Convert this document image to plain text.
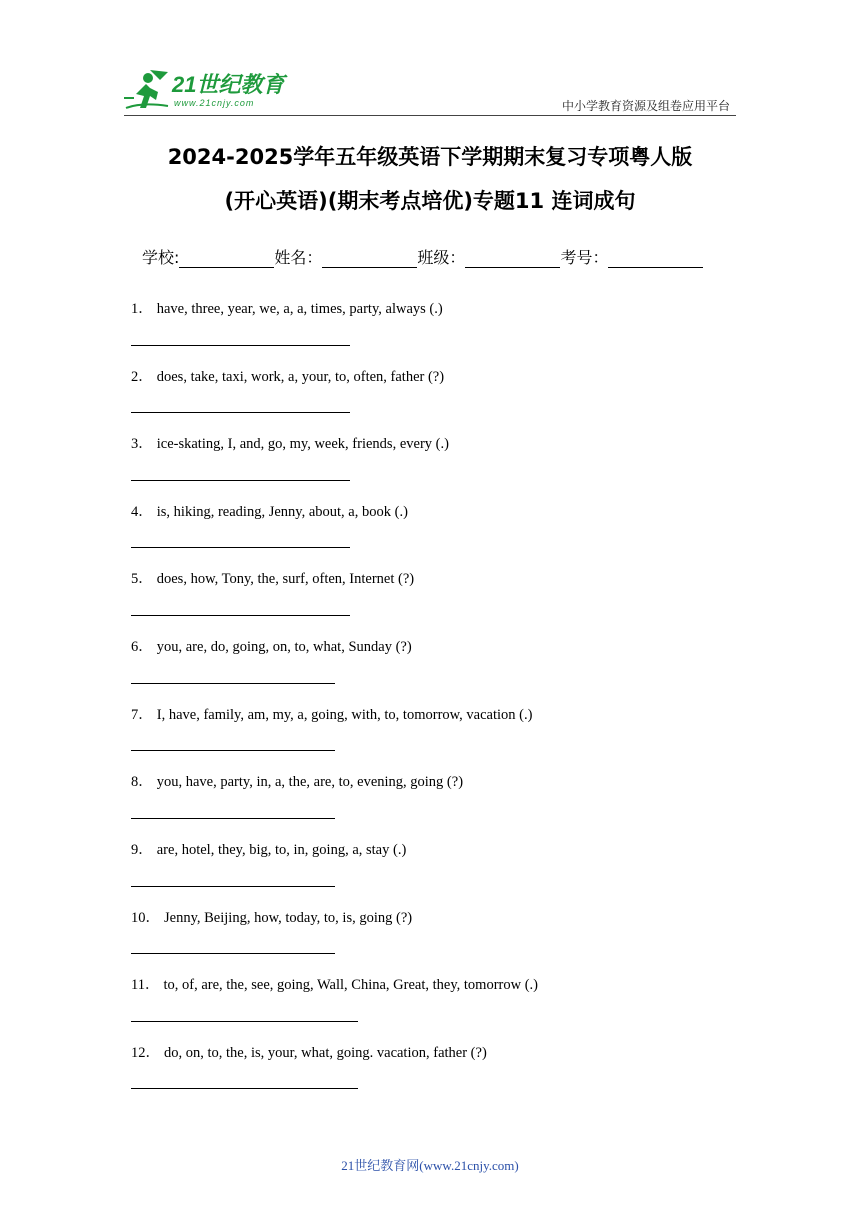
21世纪教育
www.21cnjy.com	中小学教育资源及组卷应用平台
2024-2025学年五年级英语下学期期末复习专项粤人版
(开心英语)(期末考点培优)专题11 连词成句
学校:	姓名：	班级：	考号：
1． have, three, year, we, a, a, times, party, always (.)
2． does, take, taxi, work, a, your, to, often, father (?)
3． ice-skating, I, and, go, my, week, friends, every (.)
4． is, hiking, reading, Jenny, about, a, book (.)
5． does, how, Tony, the, surf, often, Internet (?)
6． you, are, do, going, on, to, what, Sunday (?)
7． I, have, family, am, my, a, going, with, to, tomorrow, vacation (.)
8． you, have, party, in, a, the, are, to, evening, going (?)
9． are, hotel, they, big, to, in, going, a, stay (.)
10． Jenny, Beijing, how, today, to, is, going (?)
11． to, of, are, the, see, going, Wall, China, Great, they, tomorrow (.)
12． do, on, to, the, is, your, what, going. vacation, father (?)
21世纪教育网(www.21cnjy.com)
